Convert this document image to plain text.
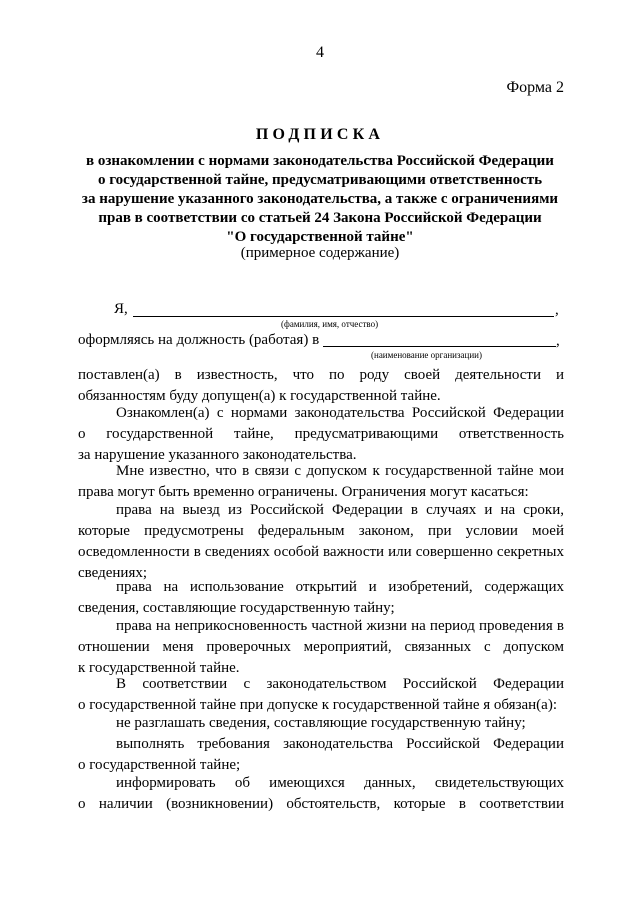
4
Форма 2
ПОДПИСКА
в ознакомлении с нормами законодательства Российской Федерации
о государственной тайне, предусматривающими ответственность
за нарушение указанного законодательства, а также с ограничениями
прав в соответствии со статьей 24 Закона Российской Федерации
"О государственной тайне"
(примерное содержание)
Я,	,
(фамилия, имя, отчество)
оформляясь на должность (работая) в	,
(наименование организации)
поставлен(а) в известность, что по роду своей деятельности и
обязанностям буду допущен(а) к государственной тайне.
Ознакомлен(а) с нормами законодательства Российской Федерации
о государственной тайне, предусматривающими ответственность
за нарушение указанного законодательства.
Мне известно, что в связи с допуском к государственной тайне мои
права могут быть временно ограничены. Ограничения могут касаться:
права на выезд из Российской Федерации в случаях и на сроки,
которые предусмотрены федеральным законом, при условии моей
осведомленности в сведениях особой важности или совершенно секретных
сведениях;
права на использование открытий и изобретений, содержащих
сведения, составляющие государственную тайну;
права на неприкосновенность частной жизни на период проведения в
отношении меня проверочных мероприятий, связанных с допуском
к государственной тайне.
В соответствии с законодательством Российской Федерации
о государственной тайне при допуске к государственной тайне я обязан(а):
не разглашать сведения, составляющие государственную тайну;
выполнять требования законодательства Российской Федерации
о государственной тайне;
информировать об имеющихся данных, свидетельствующих
о наличии (возникновении) обстоятельств, которые в соответствии
